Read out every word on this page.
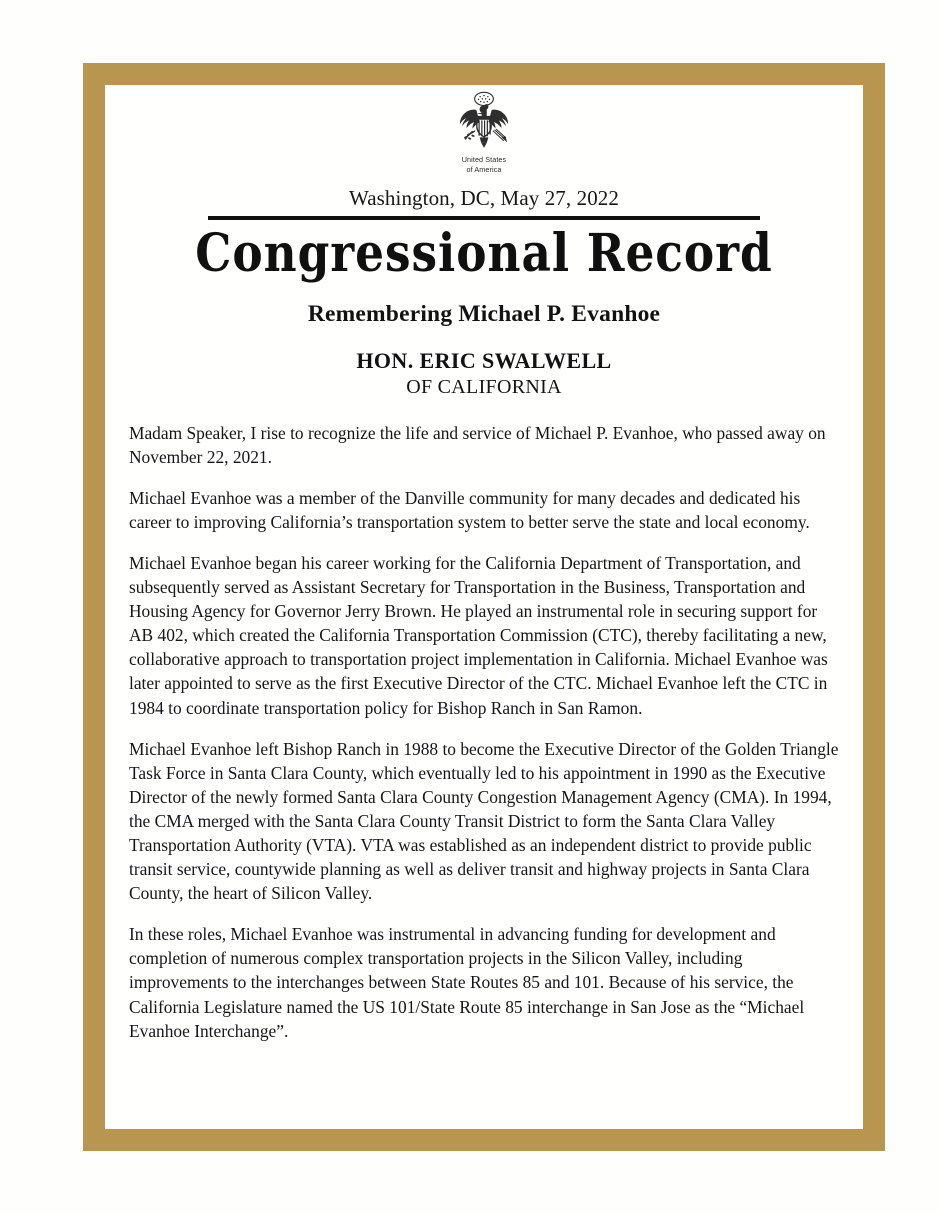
United States
of America
Washington, DC, May 27, 2022
Congressional Record
Remembering Michael P. Evanhoe
HON. ERIC SWALWELL
OF CALIFORNIA

Madam Speaker, I rise to recognize the life and service of Michael P. Evanhoe, who passed away on November 22, 2021.

Michael Evanhoe was a member of the Danville community for many decades and dedicated his career to improving California’s transportation system to better serve the state and local economy.

Michael Evanhoe began his career working for the California Department of Transportation, and subsequently served as Assistant Secretary for Transportation in the Business, Transportation and Housing Agency for Governor Jerry Brown. He played an instrumental role in securing support for AB 402, which created the California Transportation Commission (CTC), thereby facilitating a new, collaborative approach to transportation project implementation in California. Michael Evanhoe was later appointed to serve as the first Executive Director of the CTC. Michael Evanhoe left the CTC in 1984 to coordinate transportation policy for Bishop Ranch in San Ramon.

Michael Evanhoe left Bishop Ranch in 1988 to become the Executive Director of the Golden Triangle Task Force in Santa Clara County, which eventually led to his appointment in 1990 as the Executive Director of the newly formed Santa Clara County Congestion Management Agency (CMA). In 1994, the CMA merged with the Santa Clara County Transit District to form the Santa Clara Valley Transportation Authority (VTA). VTA was established as an independent district to provide public transit service, countywide planning as well as deliver transit and highway projects in Santa Clara County, the heart of Silicon Valley.

In these roles, Michael Evanhoe was instrumental in advancing funding for development and completion of numerous complex transportation projects in the Silicon Valley, including improvements to the interchanges between State Routes 85 and 101. Because of his service, the California Legislature named the US 101/State Route 85 interchange in San Jose as the “Michael Evanhoe Interchange”.
